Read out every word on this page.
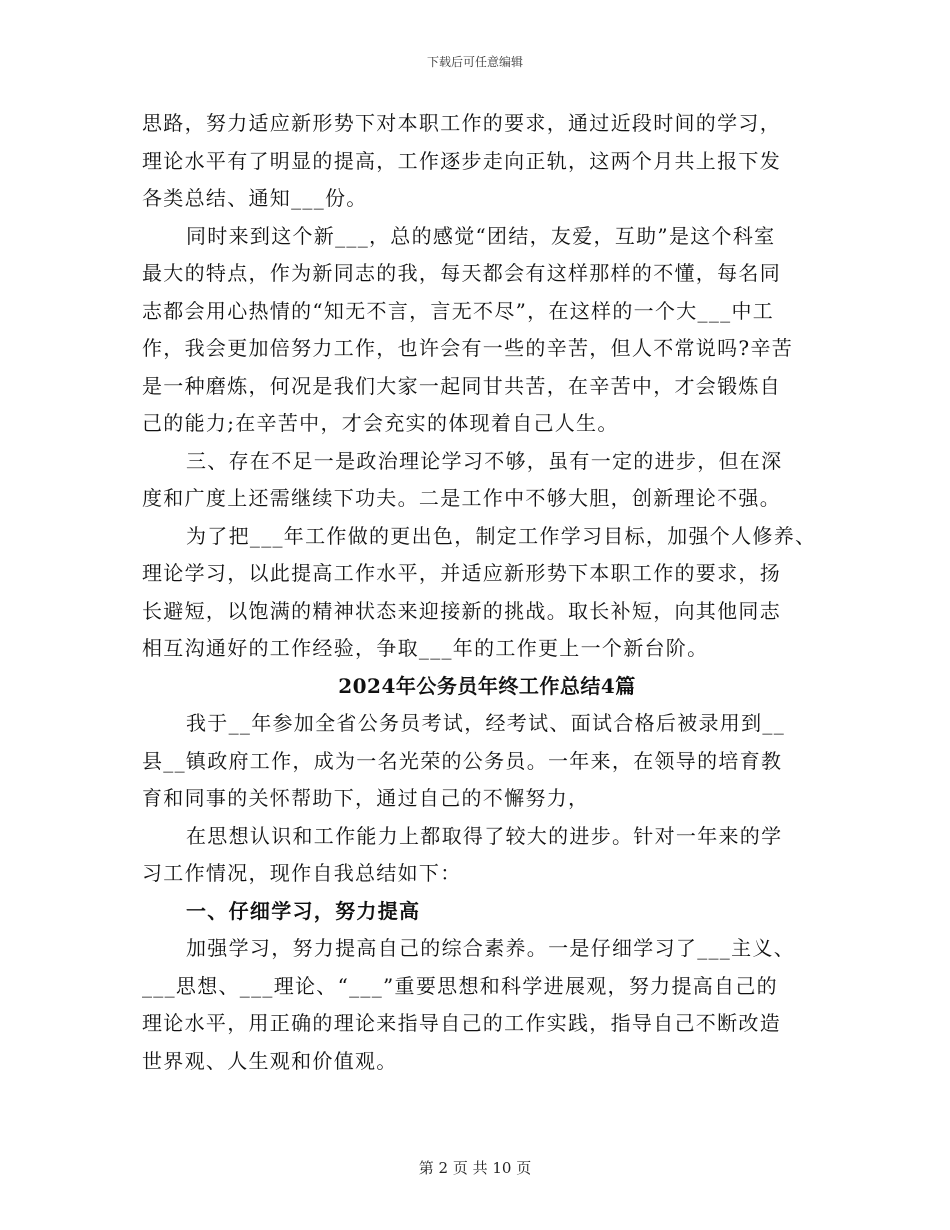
下载后可任意编辑
思路，努力适应新形势下对本职工作的要求，通过近段时间的学习，
理论水平有了明显的提高，工作逐步走向正轨，这两个月共上报下发
各类总结、通知___份。
同时来到这个新___，总的感觉“团结，友爱，互助”是这个科室
最大的特点，作为新同志的我，每天都会有这样那样的不懂，每名同
志都会用心热情的“知无不言，言无不尽”，在这样的一个大___中工
作，我会更加倍努力工作，也许会有一些的辛苦，但人不常说吗?辛苦
是一种磨炼，何况是我们大家一起同甘共苦，在辛苦中，才会锻炼自
己的能力;在辛苦中，才会充实的体现着自己人生。
三、存在不足一是政治理论学习不够，虽有一定的进步，但在深
度和广度上还需继续下功夫。二是工作中不够大胆，创新理论不强。
为了把___年工作做的更出色，制定工作学习目标，加强个人修养、
理论学习，以此提高工作水平，并适应新形势下本职工作的要求，扬
长避短，以饱满的精神状态来迎接新的挑战。取长补短，向其他同志
相互沟通好的工作经验，争取___年的工作更上一个新台阶。
2024年公务员年终工作总结4篇
我于__年参加全省公务员考试，经考试、面试合格后被录用到__
县__镇政府工作，成为一名光荣的公务员。一年来，在领导的培育教
育和同事的关怀帮助下，通过自己的不懈努力，
在思想认识和工作能力上都取得了较大的进步。针对一年来的学
习工作情况，现作自我总结如下：
一、仔细学习，努力提高
加强学习，努力提高自己的综合素养。一是仔细学习了___主义、
___思想、___理论、“___”重要思想和科学进展观，努力提高自己的
理论水平，用正确的理论来指导自己的工作实践，指导自己不断改造
世界观、人生观和价值观。
第 2 页 共 10 页
